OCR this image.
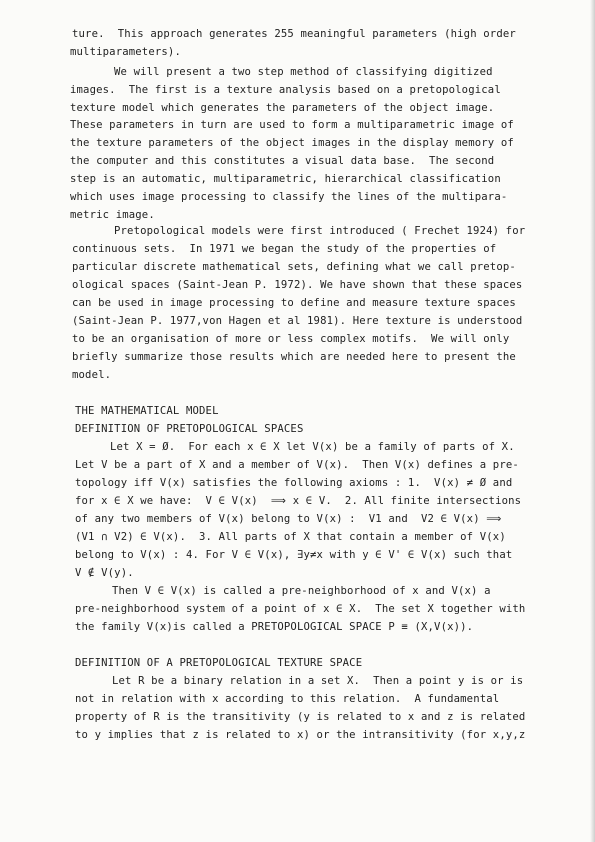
ture.  This approach generates 255 meaningful parameters (high order
multiparameters).
We will present a two step method of classifying digitized
images.  The first is a texture analysis based on a pretopological
texture model which generates the parameters of the object image.
These parameters in turn are used to form a multiparametric image of
the texture parameters of the object images in the display memory of
the computer and this constitutes a visual data base.  The second
step is an automatic, multiparametric, hierarchical classification
which uses image processing to classify the lines of the multipara-
metric image.
Pretopological models were first introduced ( Frechet 1924) for
continuous sets.  In 1971 we began the study of the properties of
particular discrete mathematical sets, defining what we call pretop-
ological spaces (Saint-Jean P. 1972). We have shown that these spaces
can be used in image processing to define and measure texture spaces
(Saint-Jean P. 1977,von Hagen et al 1981). Here texture is understood
to be an organisation of more or less complex motifs.  We will only
briefly summarize those results which are needed here to present the
model.
THE MATHEMATICAL MODEL
DEFINITION OF PRETOPOLOGICAL SPACES
Let X = Ø.  For each x ∈ X let V(x) be a family of parts of X.
Let V be a part of X and a member of V(x).  Then V(x) defines a pre-
topology iff V(x) satisfies the following axioms : 1.  V(x) ≠ Ø and
for x ∈ X we have:  V ∈ V(x)  ⟹ x ∈ V.  2. All finite intersections
of any two members of V(x) belong to V(x) :  V1 and  V2 ∈ V(x) ⟹
(V1 ∩ V2) ∈ V(x).  3. All parts of X that contain a member of V(x)
belong to V(x) : 4. For V ∈ V(x), ∃y≠x with y ∈ V' ∈ V(x) such that
V ∉ V(y).
Then V ∈ V(x) is called a pre-neighborhood of x and V(x) a
pre-neighborhood system of a point of x ∈ X.  The set X together with
the family V(x)is called a PRETOPOLOGICAL SPACE P ≡ (X,V(x)).
DEFINITION OF A PRETOPOLOGICAL TEXTURE SPACE
Let R be a binary relation in a set X.  Then a point y is or is
not in relation with x according to this relation.  A fundamental
property of R is the transitivity (y is related to x and z is related
to y implies that z is related to x) or the intransitivity (for x,y,z
